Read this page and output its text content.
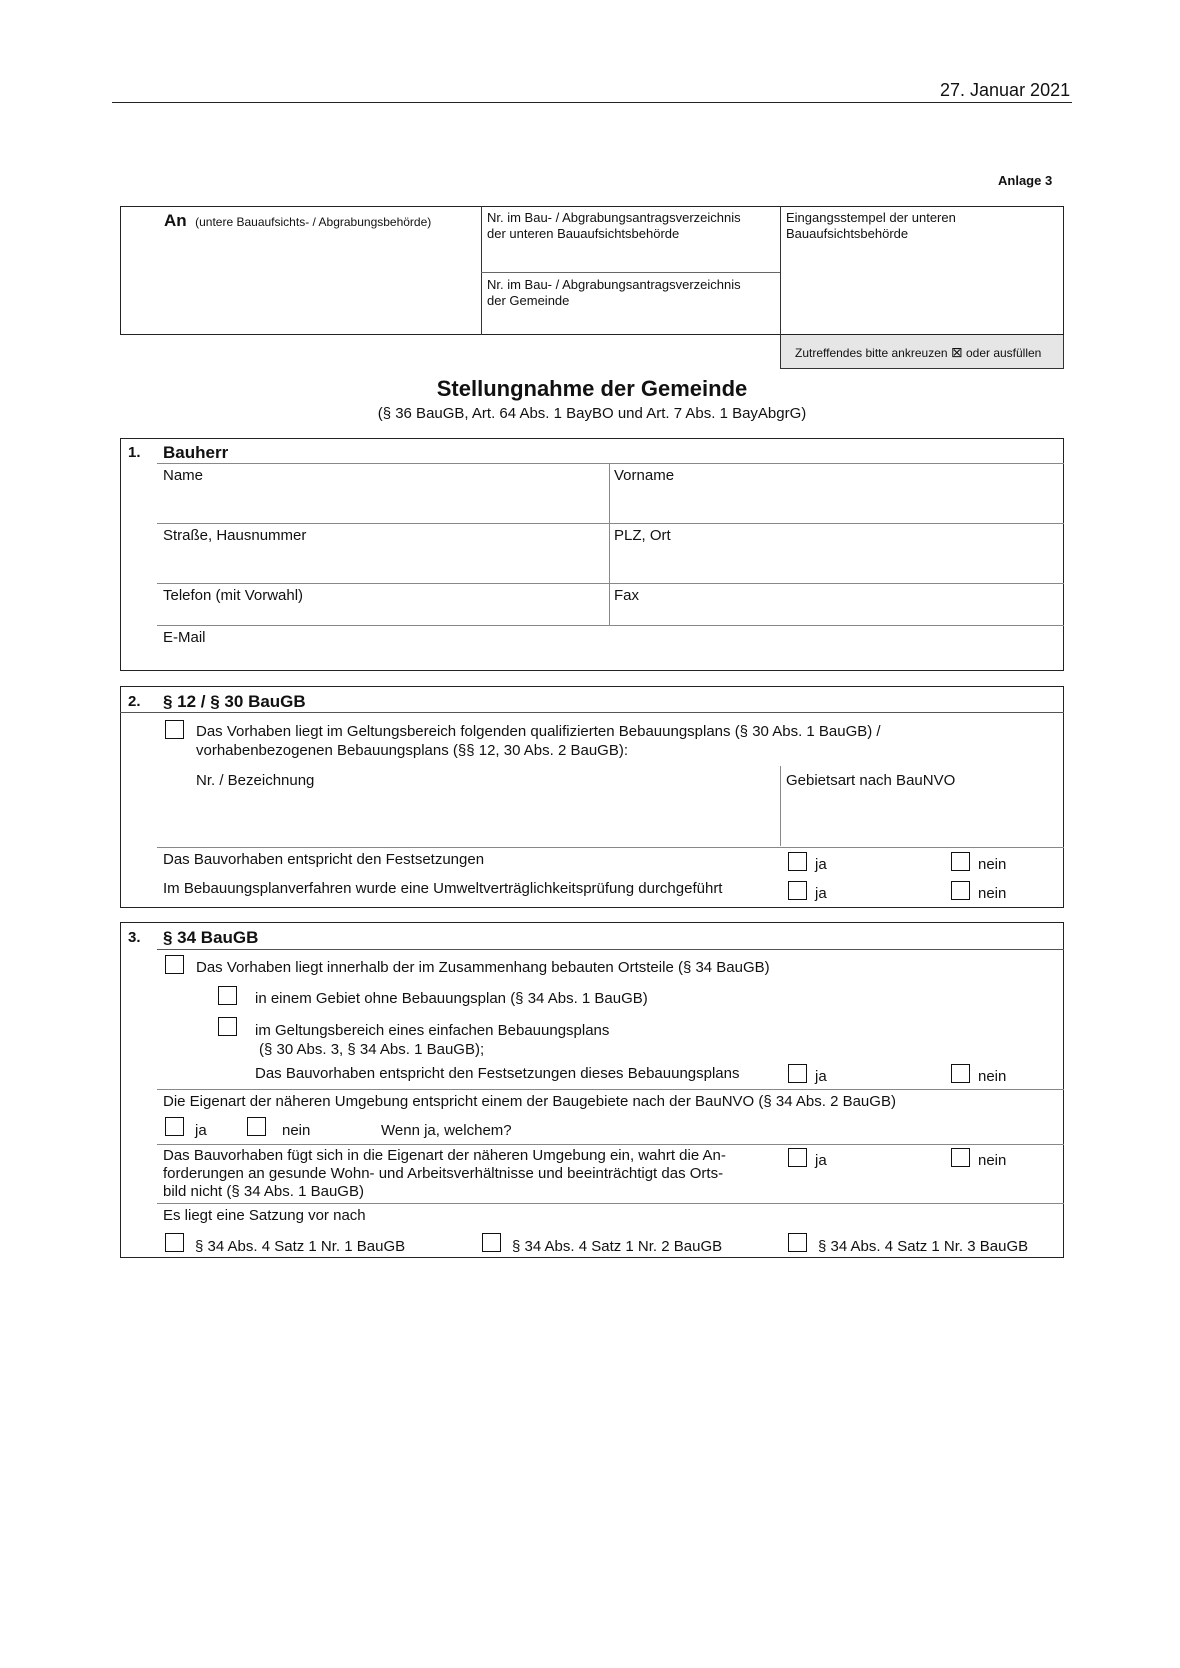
27. Januar 2021
Anlage 3
An (untere Bauaufsichts- / Abgrabungsbehörde)	Nr. im Bau- / Abgrabungsantragsverzeichnis
der unteren Bauaufsichtsbehörde
Nr. im Bau- / Abgrabungsantragsverzeichnis
der Gemeinde
Eingangsstempel der unteren
Bauaufsichtsbehörde
Zutreffendes bitte ankreuzen ⊠ oder ausfüllen
Stellungnahme der Gemeinde
(§ 36 BauGB, Art. 64 Abs. 1 BayBO und Art. 7 Abs. 1 BayAbgrG)
1. Bauherr
Name	Vorname
Straße, Hausnummer	PLZ, Ort
Telefon (mit Vorwahl)	Fax
E-Mail
2. § 12 / § 30 BauGB
Das Vorhaben liegt im Geltungsbereich folgenden qualifizierten Bebauungsplans (§ 30 Abs. 1 BauGB) /
vorhabenbezogenen Bebauungsplans (§§ 12, 30 Abs. 2 BauGB):
Nr. / Bezeichnung	Gebietsart nach BauNVO
Das Bauvorhaben entspricht den Festsetzungen	ja	nein
Im Bebauungsplanverfahren wurde eine Umweltverträglichkeitsprüfung durchgeführt	ja	nein
3. § 34 BauGB
Das Vorhaben liegt innerhalb der im Zusammenhang bebauten Ortsteile (§ 34 BauGB)
in einem Gebiet ohne Bebauungsplan (§ 34 Abs. 1 BauGB)
im Geltungsbereich eines einfachen Bebauungsplans
(§ 30 Abs. 3, § 34 Abs. 1 BauGB);
Das Bauvorhaben entspricht den Festsetzungen dieses Bebauungsplans	ja	nein
Die Eigenart der näheren Umgebung entspricht einem der Baugebiete nach der BauNVO (§ 34 Abs. 2 BauGB)
ja	nein	Wenn ja, welchem?
Das Bauvorhaben fügt sich in die Eigenart der näheren Umgebung ein, wahrt die An-
forderungen an gesunde Wohn- und Arbeitsverhältnisse und beeinträchtigt das Orts-
bild nicht (§ 34 Abs. 1 BauGB)
ja	nein
Es liegt eine Satzung vor nach
§ 34 Abs. 4 Satz 1 Nr. 1 BauGB	§ 34 Abs. 4 Satz 1 Nr. 2 BauGB	§ 34 Abs. 4 Satz 1 Nr. 3 BauGB
